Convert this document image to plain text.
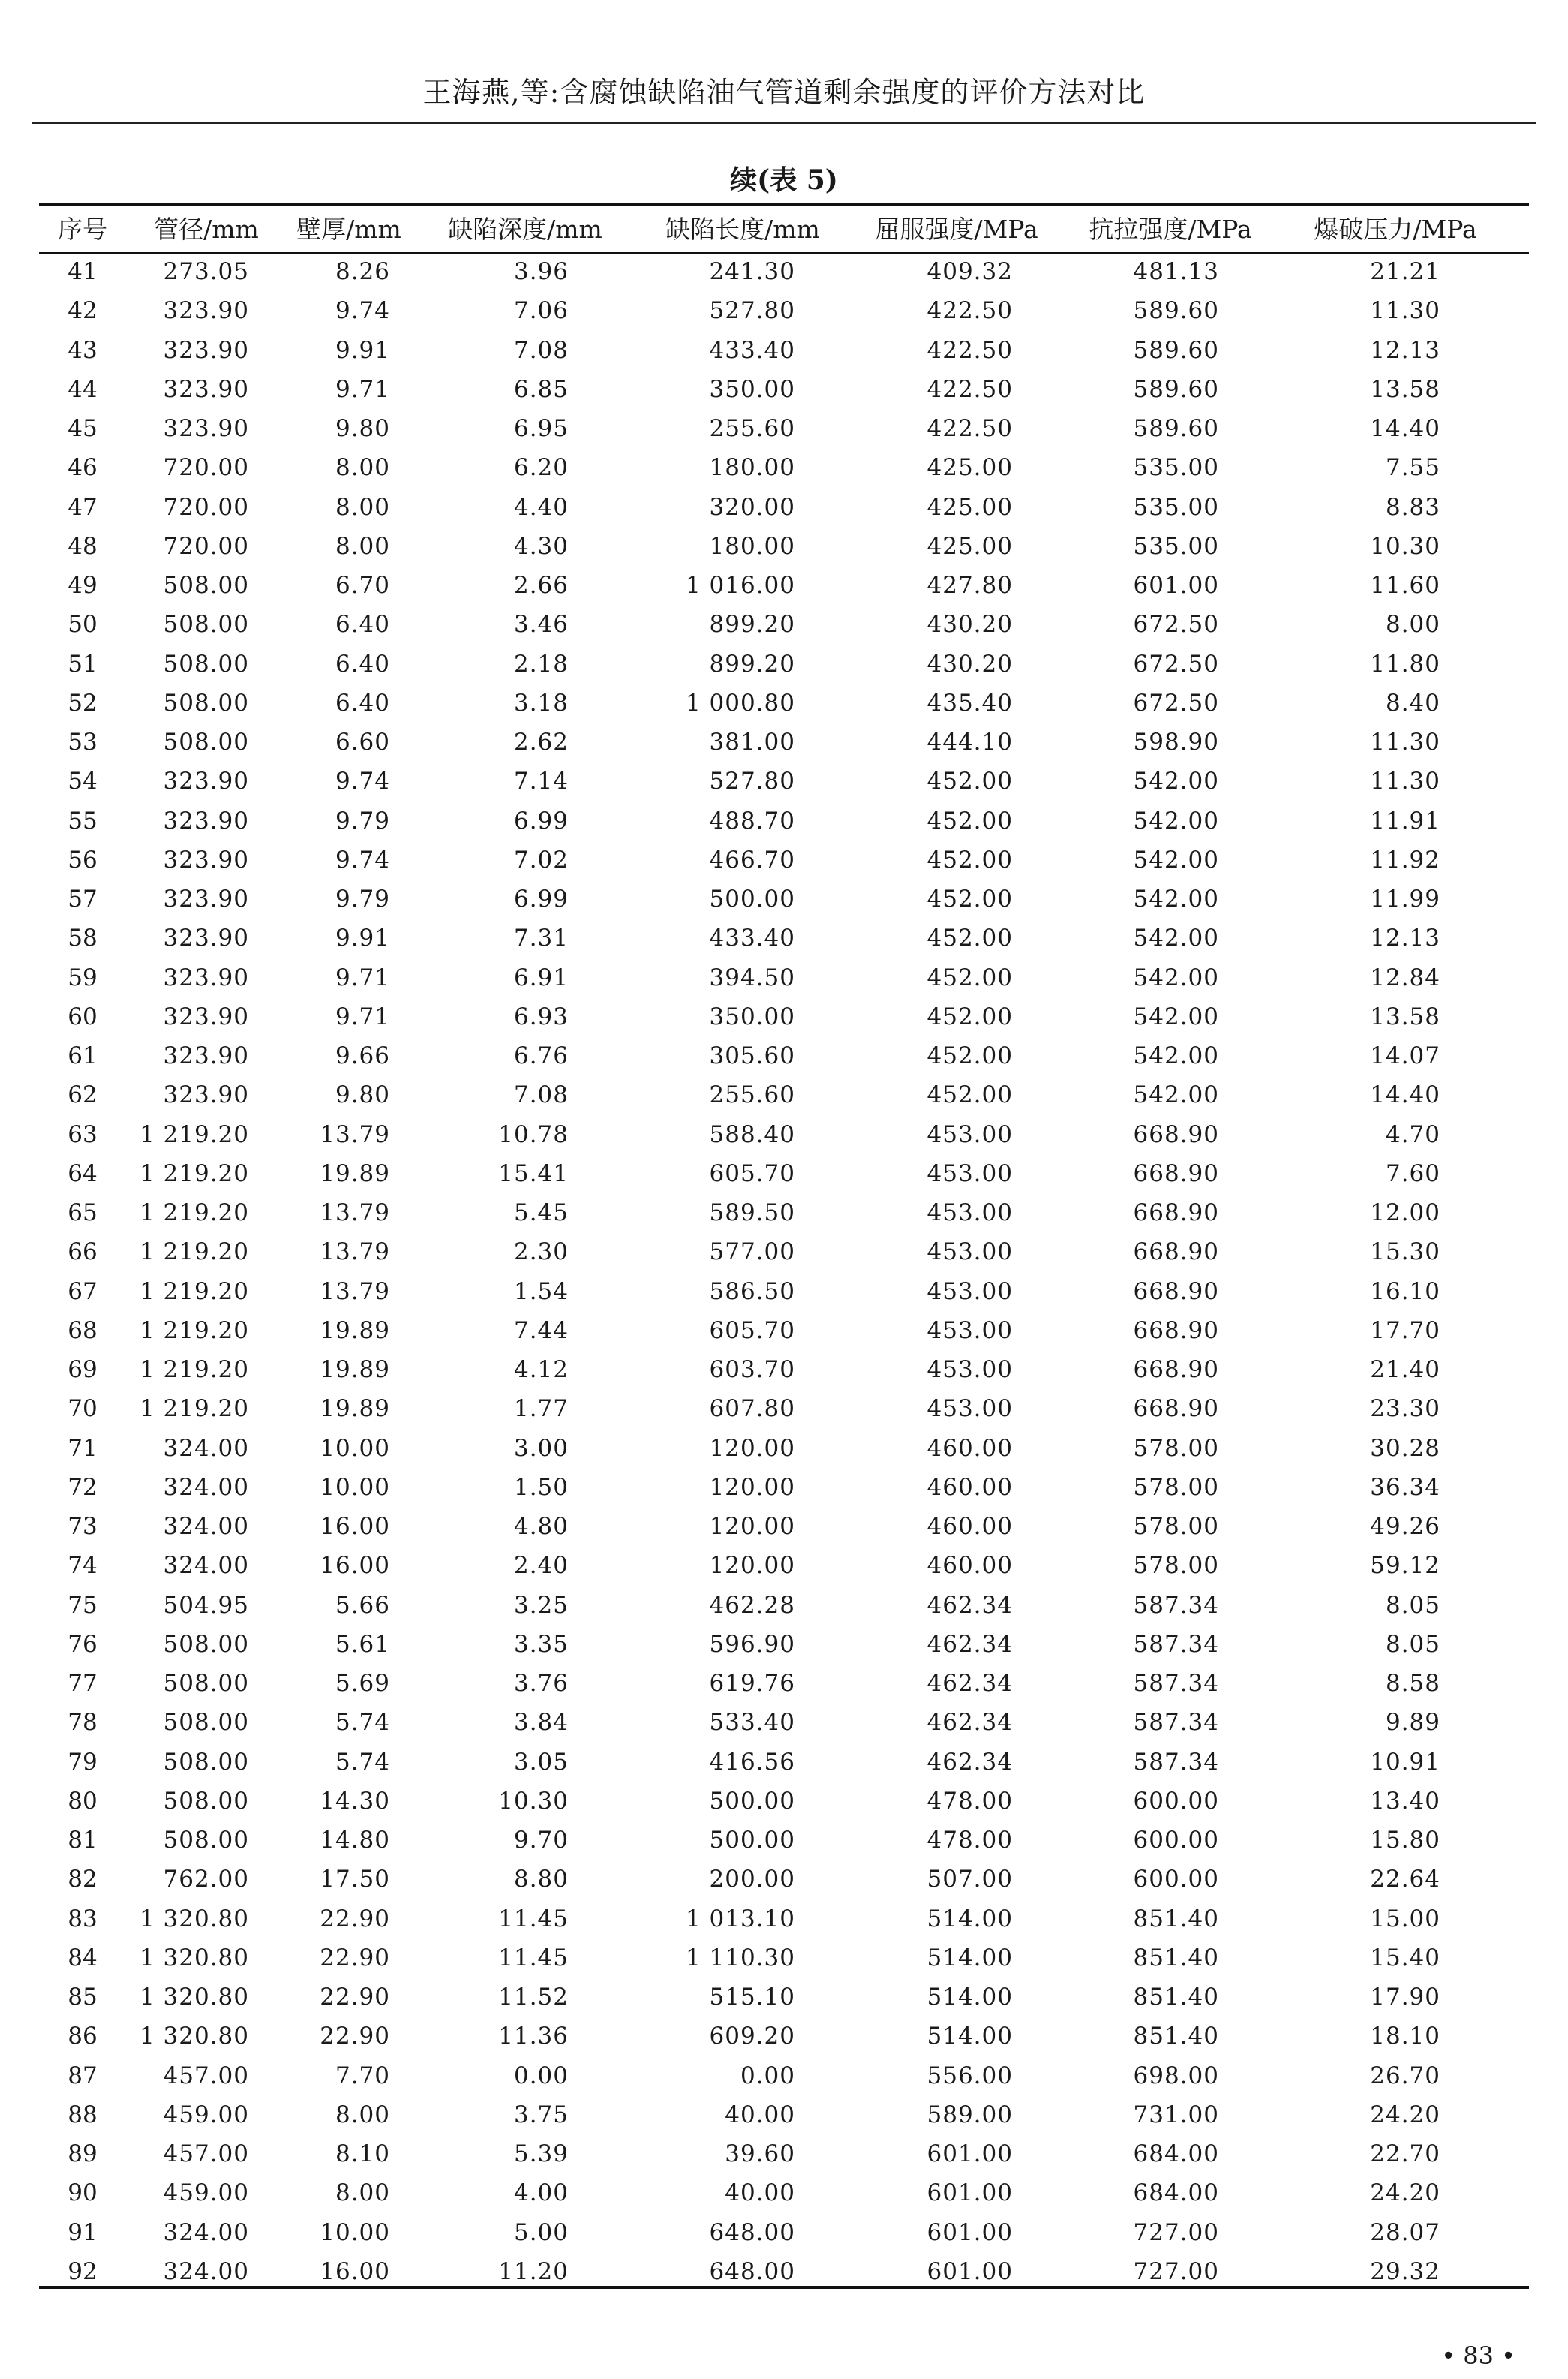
王海燕,等:含腐蚀缺陷油气管道剩余强度的评价方法对比
续(表 5)
序号	管径/mm	壁厚/mm 缺陷深度/mm	缺陷长度/mm	屈服强度/MPa 抗拉强度/MPa	爆破压力/MPa
41	273.05	8.26	3.96	241.30	409.32	481.13	21.21
42	323.90	9.74	7.06	527.80	422.50	589.60	11.30
43	323.90	9.91	7.08	433.40	422.50	589.60	12.13
44	323.90	9.71	6.85	350.00	422.50	589.60	13.58
45	323.90	9.80	6.95	255.60	422.50	589.60	14.40
46	720.00	8.00	6.20	180.00	425.00	535.00	7.55
47	720.00	8.00	4.40	320.00	425.00	535.00	8.83
48	720.00	8.00	4.30	180.00	425.00	535.00	10.30
49	508.00	6.70	2.66	1 016.00	427.80	601.00	11.60
50	508.00	6.40	3.46	899.20	430.20	672.50	8.00
51	508.00	6.40	2.18	899.20	430.20	672.50	11.80
52	508.00	6.40	3.18	1 000.80	435.40	672.50	8.40
53	508.00	6.60	2.62	381.00	444.10	598.90	11.30
54	323.90	9.74	7.14	527.80	452.00	542.00	11.30
55	323.90	9.79	6.99	488.70	452.00	542.00	11.91
56	323.90	9.74	7.02	466.70	452.00	542.00	11.92
57	323.90	9.79	6.99	500.00	452.00	542.00	11.99
58	323.90	9.91	7.31	433.40	452.00	542.00	12.13
59	323.90	9.71	6.91	394.50	452.00	542.00	12.84
60	323.90	9.71	6.93	350.00	452.00	542.00	13.58
61	323.90	9.66	6.76	305.60	452.00	542.00	14.07
62	323.90	9.80	7.08	255.60	452.00	542.00	14.40
63	1 219.20	13.79	10.78	588.40	453.00	668.90	4.70
64	1 219.20	19.89	15.41	605.70	453.00	668.90	7.60
65	1 219.20	13.79	5.45	589.50	453.00	668.90	12.00
66	1 219.20	13.79	2.30	577.00	453.00	668.90	15.30
67	1 219.20	13.79	1.54	586.50	453.00	668.90	16.10
68	1 219.20	19.89	7.44	605.70	453.00	668.90	17.70
69	1 219.20	19.89	4.12	603.70	453.00	668.90	21.40
70	1 219.20	19.89	1.77	607.80	453.00	668.90	23.30
71	324.00	10.00	3.00	120.00	460.00	578.00	30.28
72	324.00	10.00	1.50	120.00	460.00	578.00	36.34
73	324.00	16.00	4.80	120.00	460.00	578.00	49.26
74	324.00	16.00	2.40	120.00	460.00	578.00	59.12
75	504.95	5.66	3.25	462.28	462.34	587.34	8.05
76	508.00	5.61	3.35	596.90	462.34	587.34	8.05
77	508.00	5.69	3.76	619.76	462.34	587.34	8.58
78	508.00	5.74	3.84	533.40	462.34	587.34	9.89
79	508.00	5.74	3.05	416.56	462.34	587.34	10.91
80	508.00	14.30	10.30	500.00	478.00	600.00	13.40
81	508.00	14.80	9.70	500.00	478.00	600.00	15.80
82	762.00	17.50	8.80	200.00	507.00	600.00	22.64
83	1 320.80	22.90	11.45	1 013.10	514.00	851.40	15.00
84	1 320.80	22.90	11.45	1 110.30	514.00	851.40	15.40
85	1 320.80	22.90	11.52	515.10	514.00	851.40	17.90
86	1 320.80	22.90	11.36	609.20	514.00	851.40	18.10
87	457.00	7.70	0.00	0.00	556.00	698.00	26.70
88	459.00	8.00	3.75	40.00	589.00	731.00	24.20
89	457.00	8.10	5.39	39.60	601.00	684.00	22.70
90	459.00	8.00	4.00	40.00	601.00	684.00	24.20
91	324.00	10.00	5.00	648.00	601.00	727.00	28.07
92	324.00	16.00	11.20	648.00	601.00	727.00	29.32
• 83 •
